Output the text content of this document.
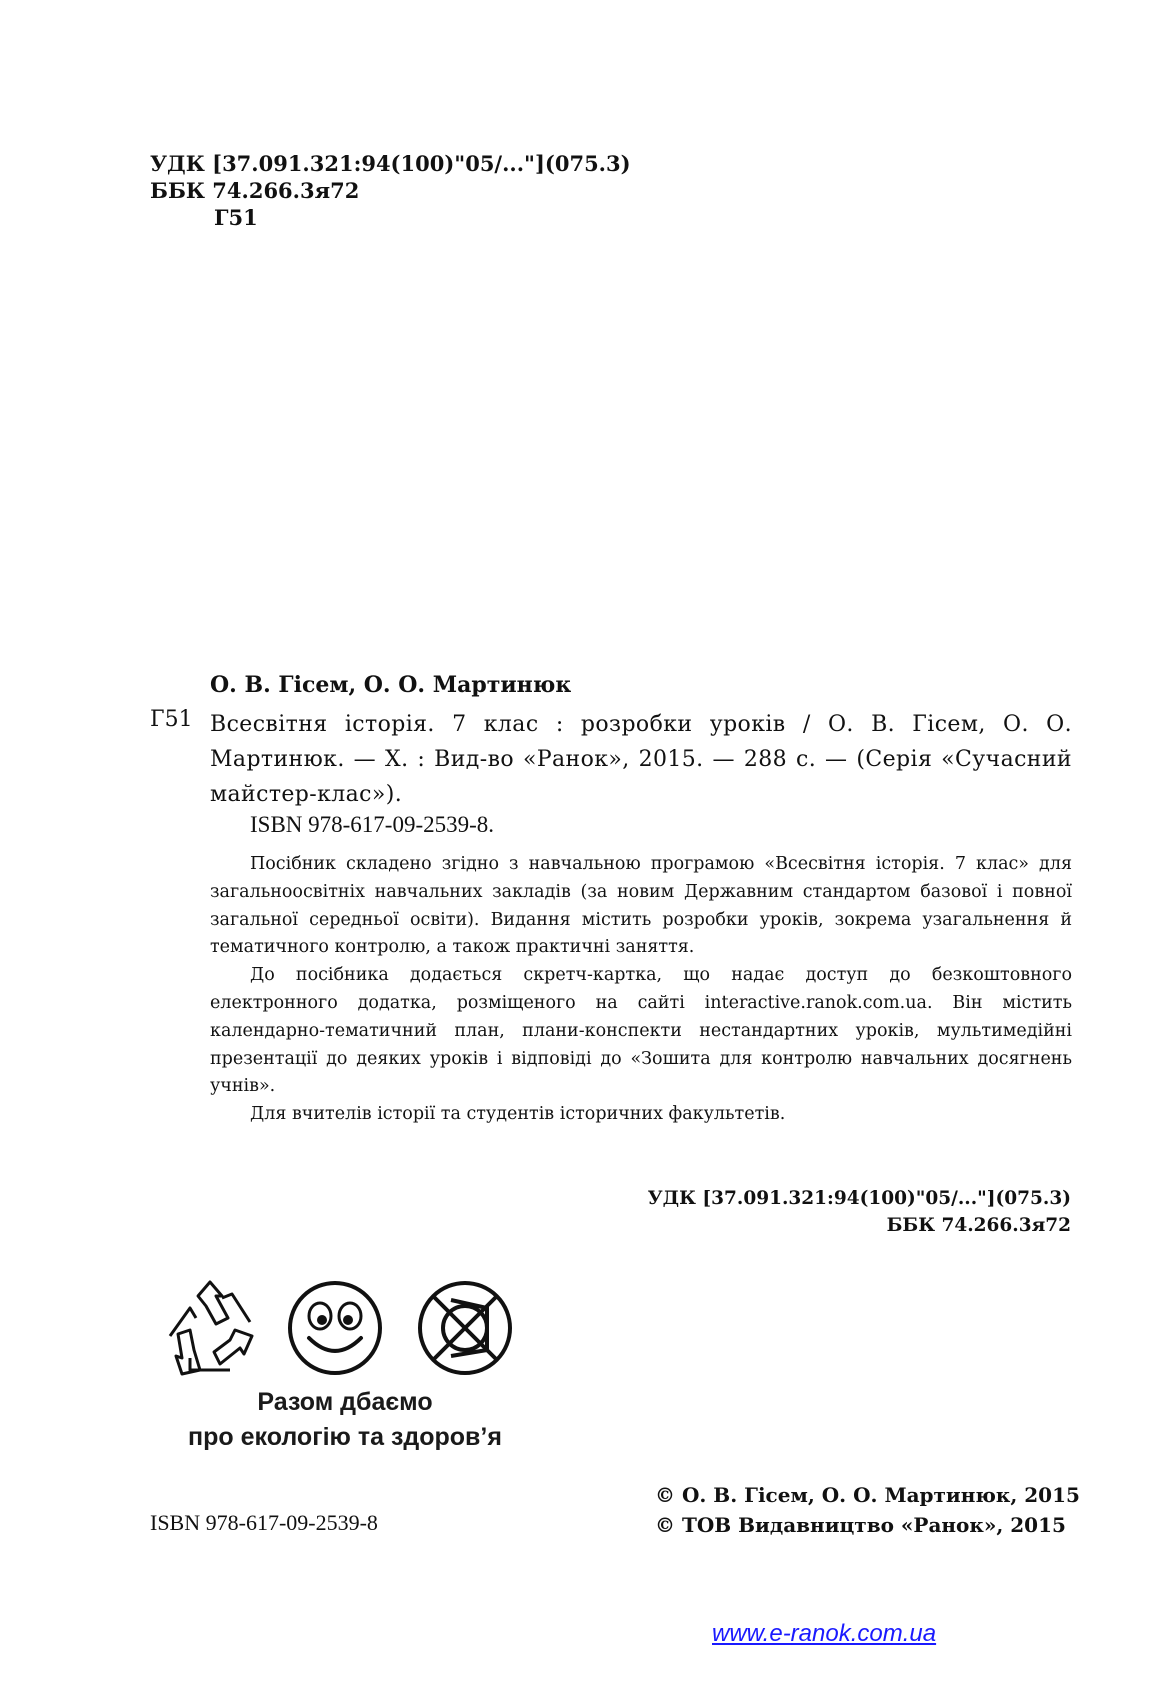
УДК [37.091.321:94(100)"05/..."](075.3)
ББК 74.266.3я72
Г51
О. В. Гісем, О. О. Мартинюк
Г51 Всесвітня історія. 7 клас : розробки уроків / О. В. Гісем, О. О. Мартинюк. — Х. : Вид-во «Ранок», 2015. — 288 с. — (Серія «Сучасний майстер-клас»).
ISBN 978-617-09-2539-8.

Посібник складено згідно з навчальною програмою «Всесвітня історія. 7 клас» для загальноосвітніх навчальних закладів (за новим Державним стандартом базової і повної загальної середньої освіти). Видання містить розробки уроків, зокрема узагальнення й тематичного контролю, а також практичні заняття.

До посібника додається скретч-картка, що надає доступ до безкоштовного електронного додатка, розміщеного на сайті interactive.ranok.com.ua. Він містить календарно-тематичний план, плани-конспекти нестандартних уроків, мультимедійні презентації до деяких уроків і відповіді до «Зошита для контролю навчальних досягнень учнів».

Для вчителів історії та студентів історичних факультетів.

УДК [37.091.321:94(100)"05/..."](075.3)
ББК 74.266.3я72
Разом дбаємо
про екологію та здоров’я
© О. В. Гісем, О. О. Мартинюк, 2015
© ТОВ Видавництво «Ранок», 2015
ISBN 978-617-09-2539-8
www.e-ranok.com.ua
